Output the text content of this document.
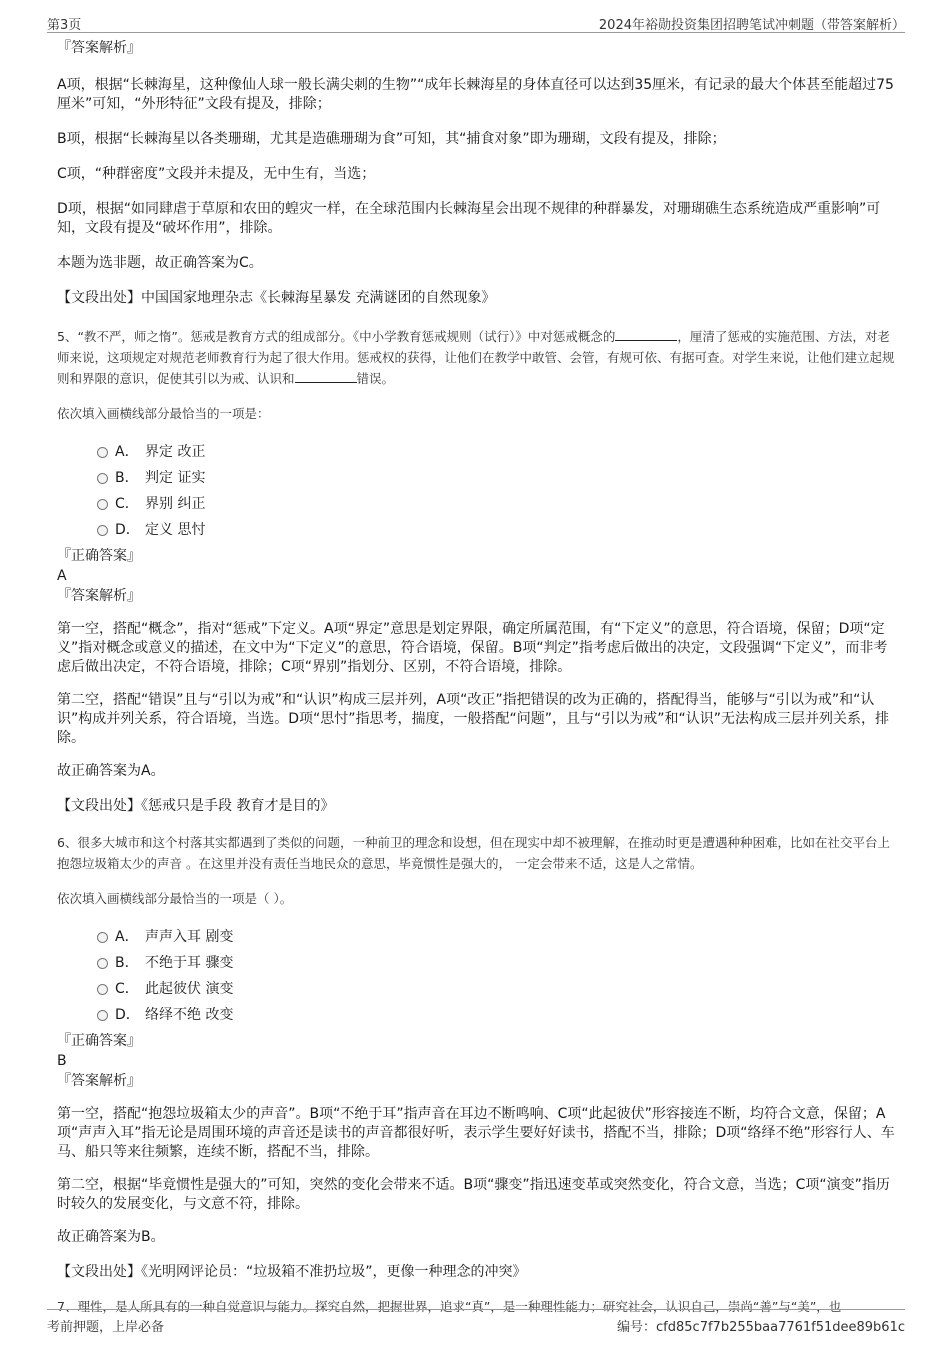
第3页	2024年裕勋投资集团招聘笔试冲刺题（带答案解析）

『答案解析』

A项，根据“长棘海星，这种像仙人球一般长满尖刺的生物”“成年长棘海星的身体直径可以达到35厘米，有记录的最大个体甚至能超过75厘米”可知，“外形特征”文段有提及，排除；

B项，根据“长棘海星以各类珊瑚，尤其是造礁珊瑚为食”可知，其“捕食对象”即为珊瑚，文段有提及，排除；

C项，“种群密度”文段并未提及，无中生有，当选；

D项，根据“如同肆虐于草原和农田的蝗灾一样，在全球范围内长棘海星会出现不规律的种群暴发，对珊瑚礁生态系统造成严重影响”可知，文段有提及“破坏作用”，排除。

本题为选非题，故正确答案为C。

【文段出处】中国国家地理杂志《长棘海星暴发 充满谜团的自然现象》

5、“教不严，师之惰”。惩戒是教育方式的组成部分。《中小学教育惩戒规则（试行）》中对惩戒概念的	，厘清了惩戒的实施范围、方法，对老师来说，这项规定对规范老师教育行为起了很大作用。惩戒权的获得，让他们在教学中敢管、会管，有规可依、有据可查。对学生来说，让他们建立起规则和界限的意识，促使其引以为戒、认识和	错误。

依次填入画横线部分最恰当的一项是：

A． 界定 改正
B． 判定 证实
C． 界别 纠正
D． 定义 思忖

『正确答案』

A

『答案解析』

第一空，搭配“概念”，指对“惩戒”下定义。A项“界定”意思是划定界限，确定所属范围，有“下定义”的意思，符合语境，保留；D项“定义”指对概念或意义的描述，在文中为“下定义”的意思，符合语境，保留。B项“判定”指考虑后做出的决定，文段强调“下定义”，而非考虑后做出决定，不符合语境，排除；C项“界别”指划分、区别，不符合语境，排除。

第二空，搭配“错误”且与“引以为戒”和“认识”构成三层并列，A项“改正”指把错误的改为正确的，搭配得当，能够与“引以为戒”和“认识”构成并列关系，符合语境，当选。D项“思忖”指思考，揣度，一般搭配“问题”，且与“引以为戒”和“认识”无法构成三层并列关系，排除。

故正确答案为A。

【文段出处】《惩戒只是手段 教育才是目的》

6、很多大城市和这个村落其实都遇到了类似的问题，一种前卫的理念和设想，但在现实中却不被理解，在推动时更是遭遇种种困难，比如在社交平台上抱怨垃圾箱太少的声音 。在这里并没有责任当地民众的意思，毕竟惯性是强大的， 一定会带来不适，这是人之常情。

依次填入画横线部分最恰当的一项是（ ）。

A． 声声入耳 剧变
B． 不绝于耳 骤变
C． 此起彼伏 演变
D． 络绎不绝 改变

『正确答案』

B

『答案解析』

第一空，搭配“抱怨垃圾箱太少的声音”。B项“不绝于耳”指声音在耳边不断鸣响、C项“此起彼伏”形容接连不断，均符合文意，保留；A项“声声入耳”指无论是周围环境的声音还是读书的声音都很好听，表示学生要好好读书，搭配不当，排除；D项“络绎不绝”形容行人、车马、船只等来往频繁，连续不断，搭配不当，排除。

第二空，根据“毕竟惯性是强大的”可知，突然的变化会带来不适。B项“骤变”指迅速变革或突然变化，符合文意，当选；C项“演变”指历时较久的发展变化，与文意不符，排除。

故正确答案为B。

【文段出处】《光明网评论员：“垃圾箱不准扔垃圾”，更像一种理念的冲突》

7、理性，是人所具有的一种自觉意识与能力。探究自然，把握世界，追求“真”，是一种理性能力；研究社会，认识自己，崇尚“善”与“美”，也

考前押题，上岸必备	编号：cfd85c7f7b255baa7761f51dee89b61c
